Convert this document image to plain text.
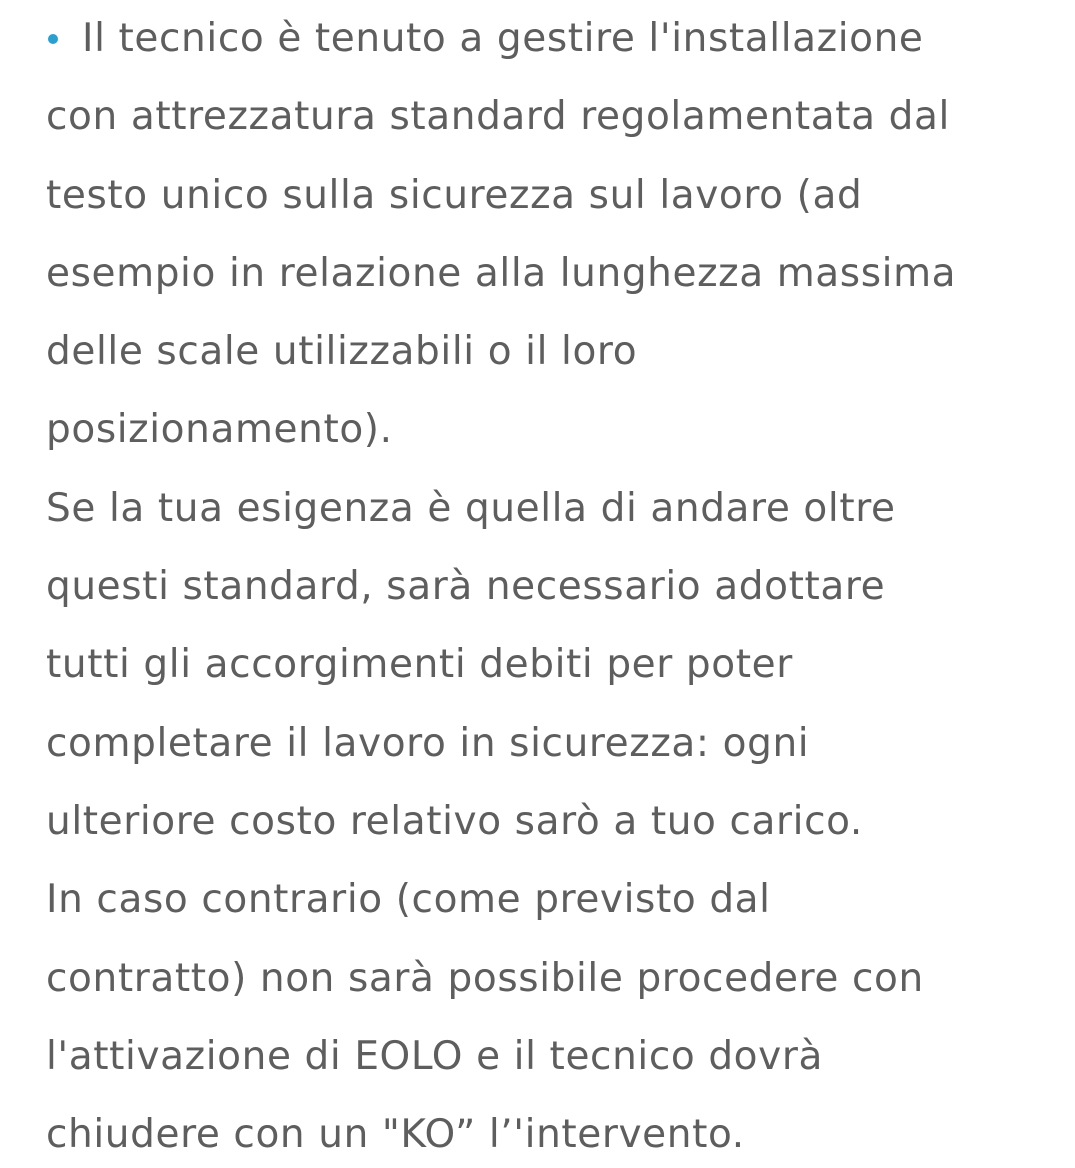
Il tecnico è tenuto a gestire l'installazione
con attrezzatura standard regolamentata dal
testo unico sulla sicurezza sul lavoro (ad
esempio in relazione alla lunghezza massima
delle scale utilizzabili o il loro
posizionamento).
Se la tua esigenza è quella di andare oltre
questi standard, sarà necessario adottare
tutti gli accorgimenti debiti per poter
completare il lavoro in sicurezza: ogni
ulteriore costo relativo sarò a tuo carico.
In caso contrario (come previsto dal
contratto) non sarà possibile procedere con
l'attivazione di EOLO e il tecnico dovrà
chiudere con un "KO” l’'intervento.
